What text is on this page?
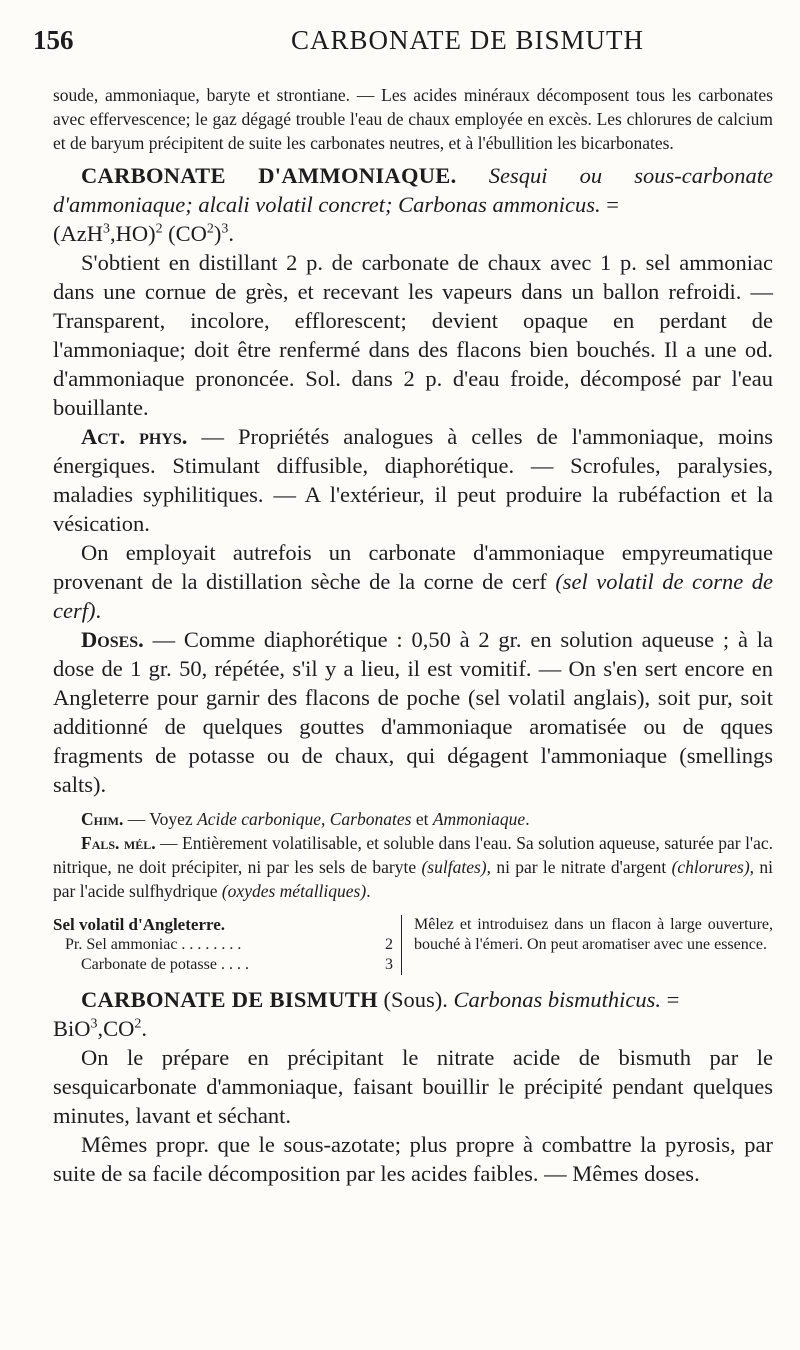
156	CARBONATE DE BISMUTH

soude, ammoniaque, baryte et strontiane. — Les acides minéraux décomposent tous les carbonates avec effervescence; le gaz dégagé trouble l'eau de chaux employée en excès. Les chlorures de calcium et de baryum précipitent de suite les carbonates neutres, et à l'ébullition les bicarbonates.

CARBONATE D'AMMONIAQUE. Sesqui ou sous-carbonate d'ammoniaque; alcali volatil concret; Carbonas ammonicus. =

$(AzH^3,HO)^2$ $(CO^2)^3$.

S'obtient en distillant 2 p. de carbonate de chaux avec 1 p. sel ammoniac dans une cornue de grès, et recevant les vapeurs dans un ballon refroidi. — Transparent, incolore, efflorescent; devient opaque en perdant de l'ammoniaque; doit être renfermé dans des flacons bien bouchés. Il a une od. d'ammoniaque prononcée. Sol. dans 2 p. d'eau froide, décomposé par l'eau bouillante.

Act. phys. — Propriétés analogues à celles de l'ammoniaque, moins énergiques. Stimulant diffusible, diaphorétique. — Scrofules, paralysies, maladies syphilitiques. — A l'extérieur, il peut produire la rubéfaction et la vésication.

On employait autrefois un carbonate d'ammoniaque empyreumatique provenant de la distillation sèche de la corne de cerf (sel volatil de corne de cerf).

Doses. — Comme diaphorétique : 0,50 à 2 gr. en solution aqueuse ; à la dose de 1 gr. 50, répétée, s'il y a lieu, il est vomitif. — On s'en sert encore en Angleterre pour garnir des flacons de poche (sel volatil anglais), soit pur, soit additionné de quelques gouttes d'ammoniaque aromatisée ou de qques fragments de potasse ou de chaux, qui dégagent l'ammoniaque (smellings salts).

Chim. — Voyez Acide carbonique, Carbonates et Ammoniaque.

Fals. mél. — Entièrement volatilisable, et soluble dans l'eau. Sa solution aqueuse, saturée par l'ac. nitrique, ne doit précipiter, ni par les sels de baryte (sulfates), ni par le nitrate d'argent (chlorures), ni par l'acide sulfhydrique (oxydes métalliques).

Sel volatil d'Angleterre.
Pr. Sel ammoniac . . . . . . . .	2
Carbonate de potasse . . . .	3
Mêlez et introduisez dans un flacon à large ouverture, bouché à l'émeri. On peut aromatiser avec une essence.

CARBONATE DE BISMUTH (Sous). Carbonas bismuthicus. =

$BiO^3,CO^2$.

On le prépare en précipitant le nitrate acide de bismuth par le sesquicarbonate d'ammoniaque, faisant bouillir le précipité pendant quelques minutes, lavant et séchant.

Mêmes propr. que le sous-azotate; plus propre à combattre la pyrosis, par suite de sa facile décomposition par les acides faibles. — Mêmes doses.
